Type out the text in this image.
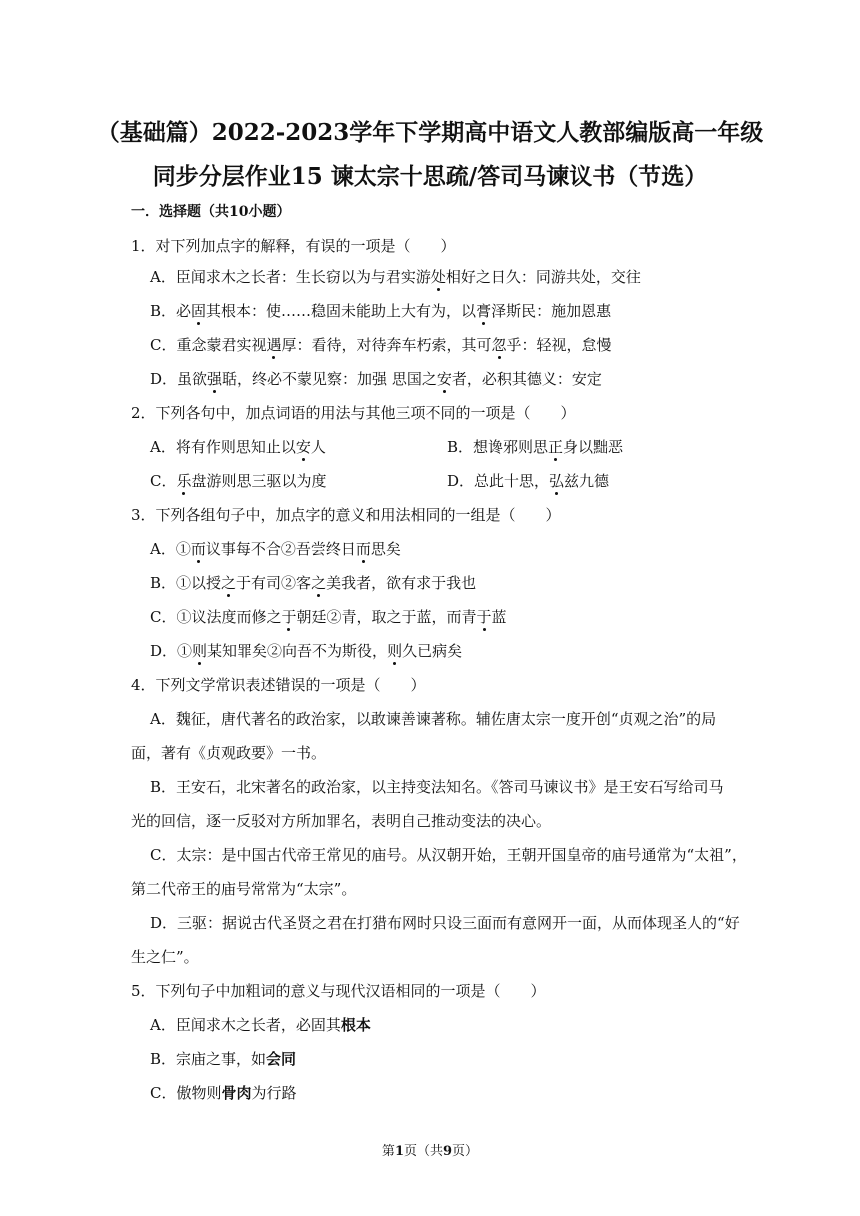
（基础篇）2022-2023学年下学期高中语文人教部编版高一年级
同步分层作业15 谏太宗十思疏/答司马谏议书（节选）
一．选择题（共10小题）
1．对下列加点字的解释，有误的一项是（　　）
A．臣闻求木之长者：生长窃以为与君实游处相好之日久：同游共处，交往
B．必固其根本：使……稳固未能助上大有为，以膏泽斯民：施加恩惠
C．重念蒙君实视遇厚：看待，对待奔车朽索，其可忽乎：轻视，怠慢
D．虽欲强聒，终必不蒙见察：加强 思国之安者，必积其德义：安定
2．下列各句中，加点词语的用法与其他三项不同的一项是（　　）
A．将有作则思知止以安人	B．想谗邪则思正身以黜恶
C．乐盘游则思三驱以为度	D．总此十思，弘兹九德
3．下列各组句子中，加点字的意义和用法相同的一组是（　　）
A．①而议事每不合②吾尝终日而思矣
B．①以授之于有司②客之美我者，欲有求于我也
C．①议法度而修之于朝廷②青，取之于蓝，而青于蓝
D．①则某知罪矣②向吾不为斯役，则久已病矣
4．下列文学常识表述错误的一项是（　　）
A．魏征，唐代著名的政治家，以敢谏善谏著称。辅佐唐太宗一度开创“贞观之治”的局
面，著有《贞观政要》一书。
B．王安石，北宋著名的政治家，以主持变法知名。《答司马谏议书》是王安石写给司马
光的回信，逐一反驳对方所加罪名，表明自己推动变法的决心。
C．太宗：是中国古代帝王常见的庙号。从汉朝开始，王朝开国皇帝的庙号通常为“太祖”，
第二代帝王的庙号常常为“太宗”。
D．三驱：据说古代圣贤之君在打猎布网时只设三面而有意网开一面，从而体现圣人的“好
生之仁”。
5．下列句子中加粗词的意义与现代汉语相同的一项是（　　）
A．臣闻求木之长者，必固其根本
B．宗庙之事，如会同
C．傲物则骨肉为行路
第1页（共9页）
